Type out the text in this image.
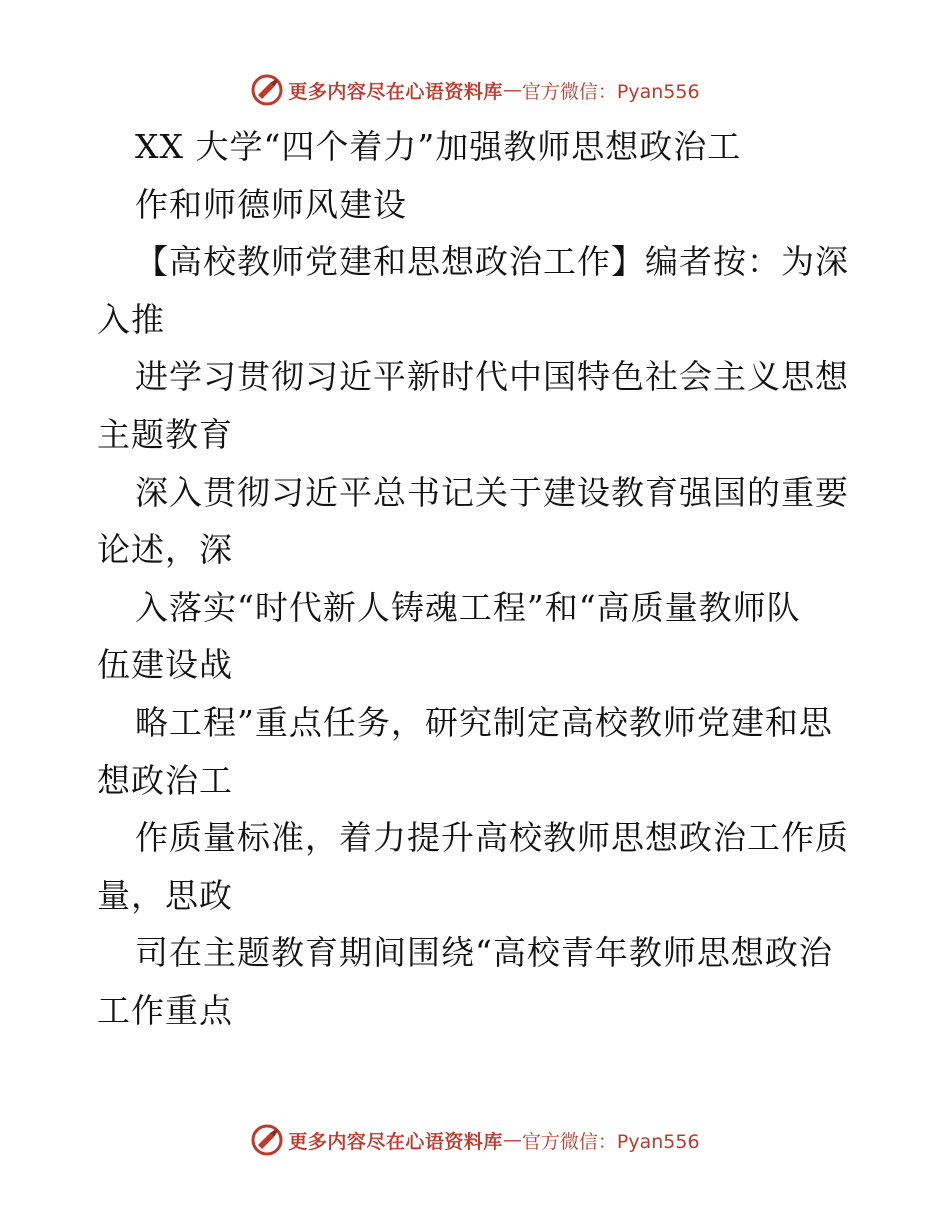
更多内容尽在心语资料库 — 官方微信：Pyan556
XX 大学“四个着力”加强教师思想政治工
作和师德师风建设
【高校教师党建和思想政治工作】编者按：为深
入推
进学习贯彻习近平新时代中国特色社会主义思想
主题教育
深入贯彻习近平总书记关于建设教育强国的重要
论述，深
入落实“时代新人铸魂工程”和“高质量教师队
伍建设战
略工程”重点任务，研究制定高校教师党建和思
想政治工
作质量标准，着力提升高校教师思想政治工作质
量，思政
司在主题教育期间围绕“高校青年教师思想政治
工作重点
更多内容尽在心语资料库 — 官方微信：Pyan556
